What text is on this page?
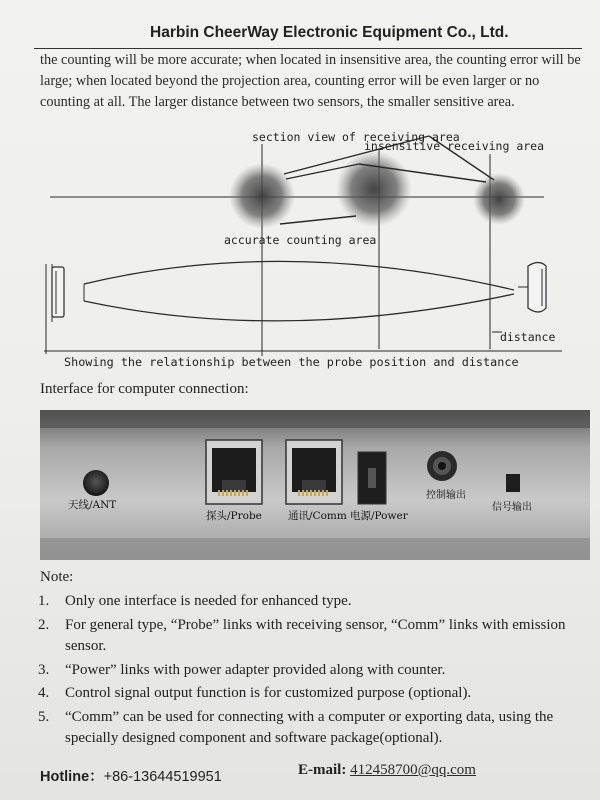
Harbin CheerWay Electronic Equipment Co., Ltd.
the counting will be more accurate; when located in insensitive area, the counting error will be large; when located beyond the projection area, counting error will be even larger or no counting at all. The larger distance between two sensors, the smaller sensitive area.
section view of receiving area
insensitive receiving area
accurate counting area
distance
Showing the relationship between the probe position and distance
Interface for computer connection:
天线/ANT
探头/Probe 通讯/Comm 电源/Power
控制输出
信号输出
Note:

1. Only one interface is needed for enhanced type.

2. For general type, “Probe” links with receiving sensor, “Comm” links with emission sensor.

3. “Power” links with power adapter provided along with counter.

4. Control signal output function is for customized purpose (optional).

5. “Comm” can be used for connecting with a computer or exporting data, using the specially designed component and software package(optional).

Hotline：+86-13644519951	E-mail: 412458700@qq.com
